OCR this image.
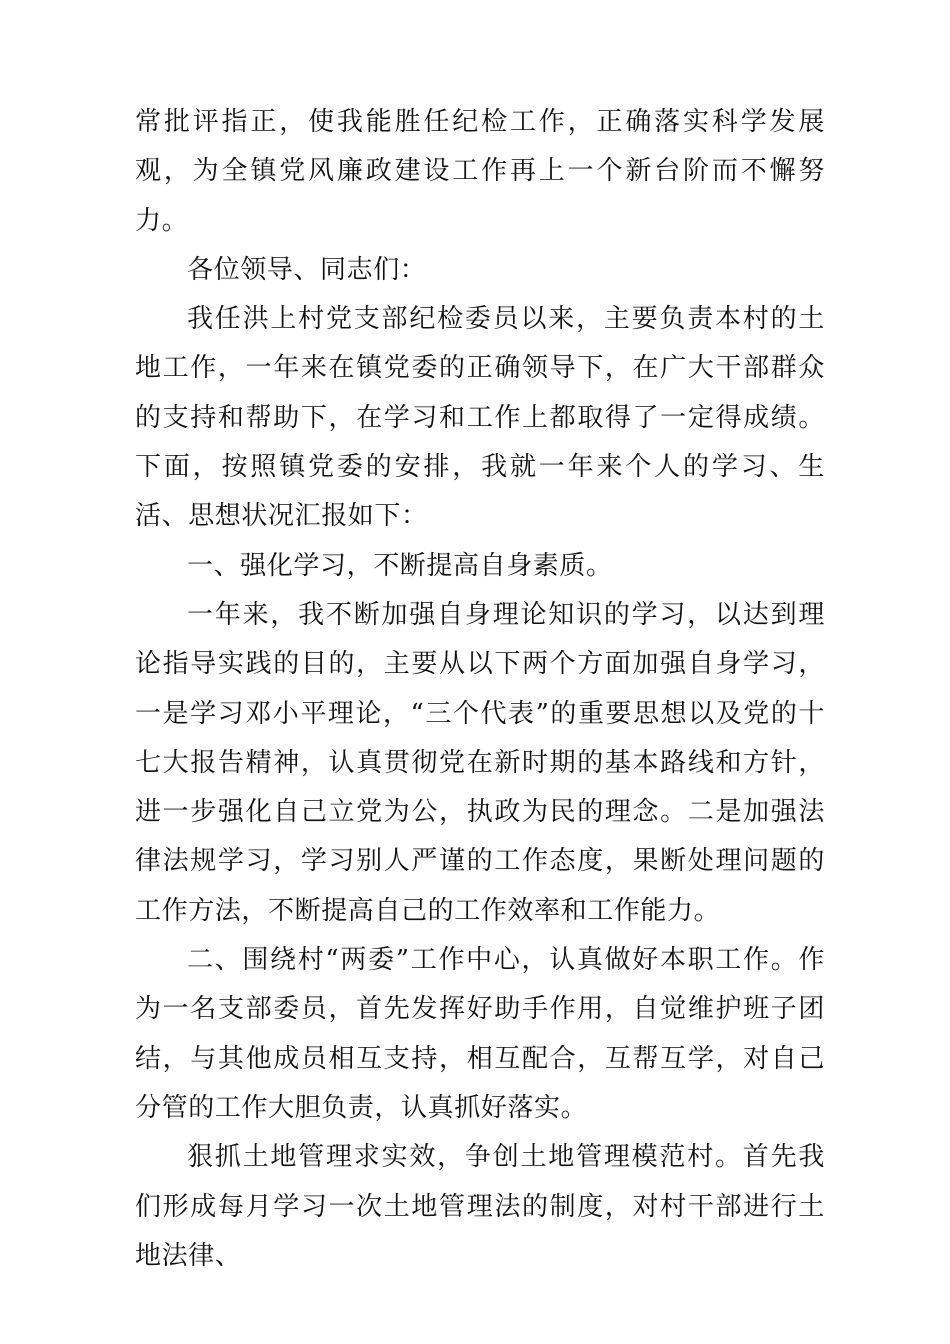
常批评指正，使我能胜任纪检工作，正确落实科学发展观，为全镇党风廉政建设工作再上一个新台阶而不懈努力。

各位领导、同志们：

我任洪上村党支部纪检委员以来，主要负责本村的土地工作，一年来在镇党委的正确领导下，在广大干部群众的支持和帮助下，在学习和工作上都取得了一定得成绩。下面，按照镇党委的安排，我就一年来个人的学习、生活、思想状况汇报如下：

一、强化学习，不断提高自身素质。

一年来，我不断加强自身理论知识的学习，以达到理论指导实践的目的，主要从以下两个方面加强自身学习，一是学习邓小平理论，“三个代表”的重要思想以及党的十七大报告精神，认真贯彻党在新时期的基本路线和方针，进一步强化自己立党为公，执政为民的理念。二是加强法律法规学习，学习别人严谨的工作态度，果断处理问题的工作方法，不断提高自己的工作效率和工作能力。

二、围绕村“两委”工作中心，认真做好本职工作。作为一名支部委员，首先发挥好助手作用，自觉维护班子团结，与其他成员相互支持，相互配合，互帮互学，对自己分管的工作大胆负责，认真抓好落实。

狠抓土地管理求实效，争创土地管理模范村。首先我们形成每月学习一次土地管理法的制度，对村干部进行土地法律、
